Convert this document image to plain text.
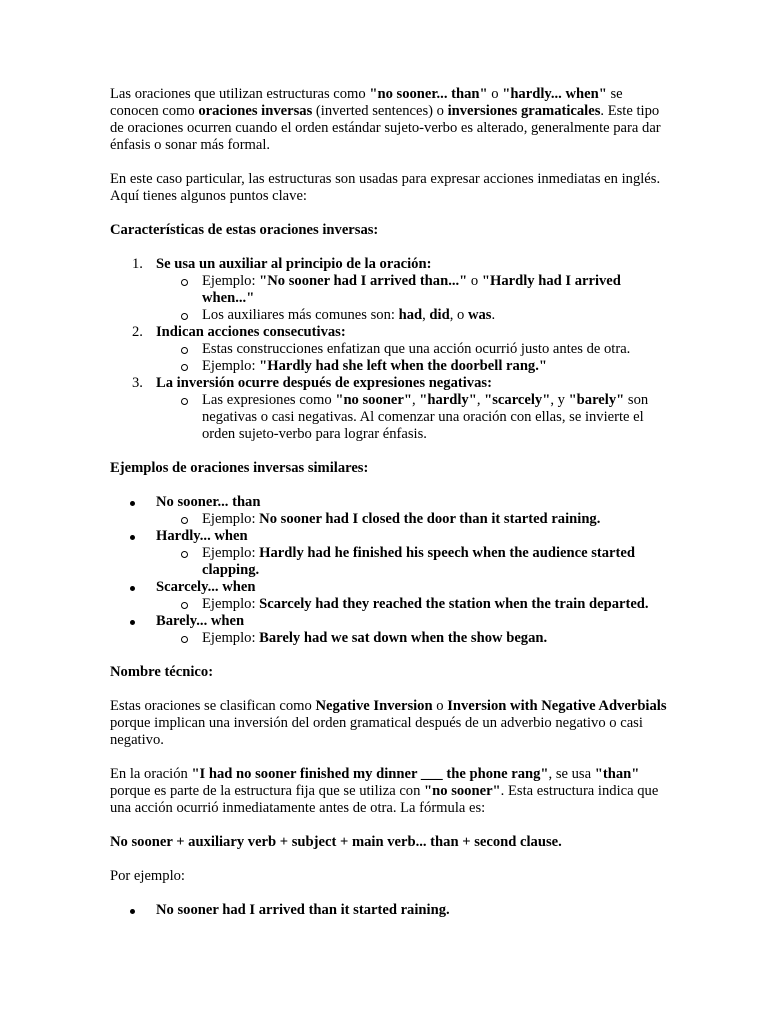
Las oraciones que utilizan estructuras como "no sooner... than" o "hardly... when" se conocen como oraciones inversas (inverted sentences) o inversiones gramaticales. Este tipo de oraciones ocurren cuando el orden estándar sujeto-verbo es alterado, generalmente para dar énfasis o sonar más formal.

En este caso particular, las estructuras son usadas para expresar acciones inmediatas en inglés. Aquí tienes algunos puntos clave:

Características de estas oraciones inversas:

1. Se usa un auxiliar al principio de la oración:
Ejemplo: "No sooner had I arrived than..." o "Hardly had I arrived when..."
Los auxiliares más comunes son: had, did, o was.
2. Indican acciones consecutivas:
Estas construcciones enfatizan que una acción ocurrió justo antes de otra.
Ejemplo: "Hardly had she left when the doorbell rang."
3. La inversión ocurre después de expresiones negativas:
Las expresiones como "no sooner", "hardly", "scarcely", y "barely" son negativas o casi negativas. Al comenzar una oración con ellas, se invierte el orden sujeto-verbo para lograr énfasis.

Ejemplos de oraciones inversas similares:

No sooner... than
Ejemplo: No sooner had I closed the door than it started raining.
Hardly... when
Ejemplo: Hardly had he finished his speech when the audience started clapping.
Scarcely... when
Ejemplo: Scarcely had they reached the station when the train departed.
Barely... when
Ejemplo: Barely had we sat down when the show began.

Nombre técnico:

Estas oraciones se clasifican como Negative Inversion o Inversion with Negative Adverbials porque implican una inversión del orden gramatical después de un adverbio negativo o casi negativo.

En la oración "I had no sooner finished my dinner ___ the phone rang", se usa "than" porque es parte de la estructura fija que se utiliza con "no sooner". Esta estructura indica que una acción ocurrió inmediatamente antes de otra. La fórmula es:

No sooner + auxiliary verb + subject + main verb... than + second clause.

Por ejemplo:

No sooner had I arrived than it started raining.
